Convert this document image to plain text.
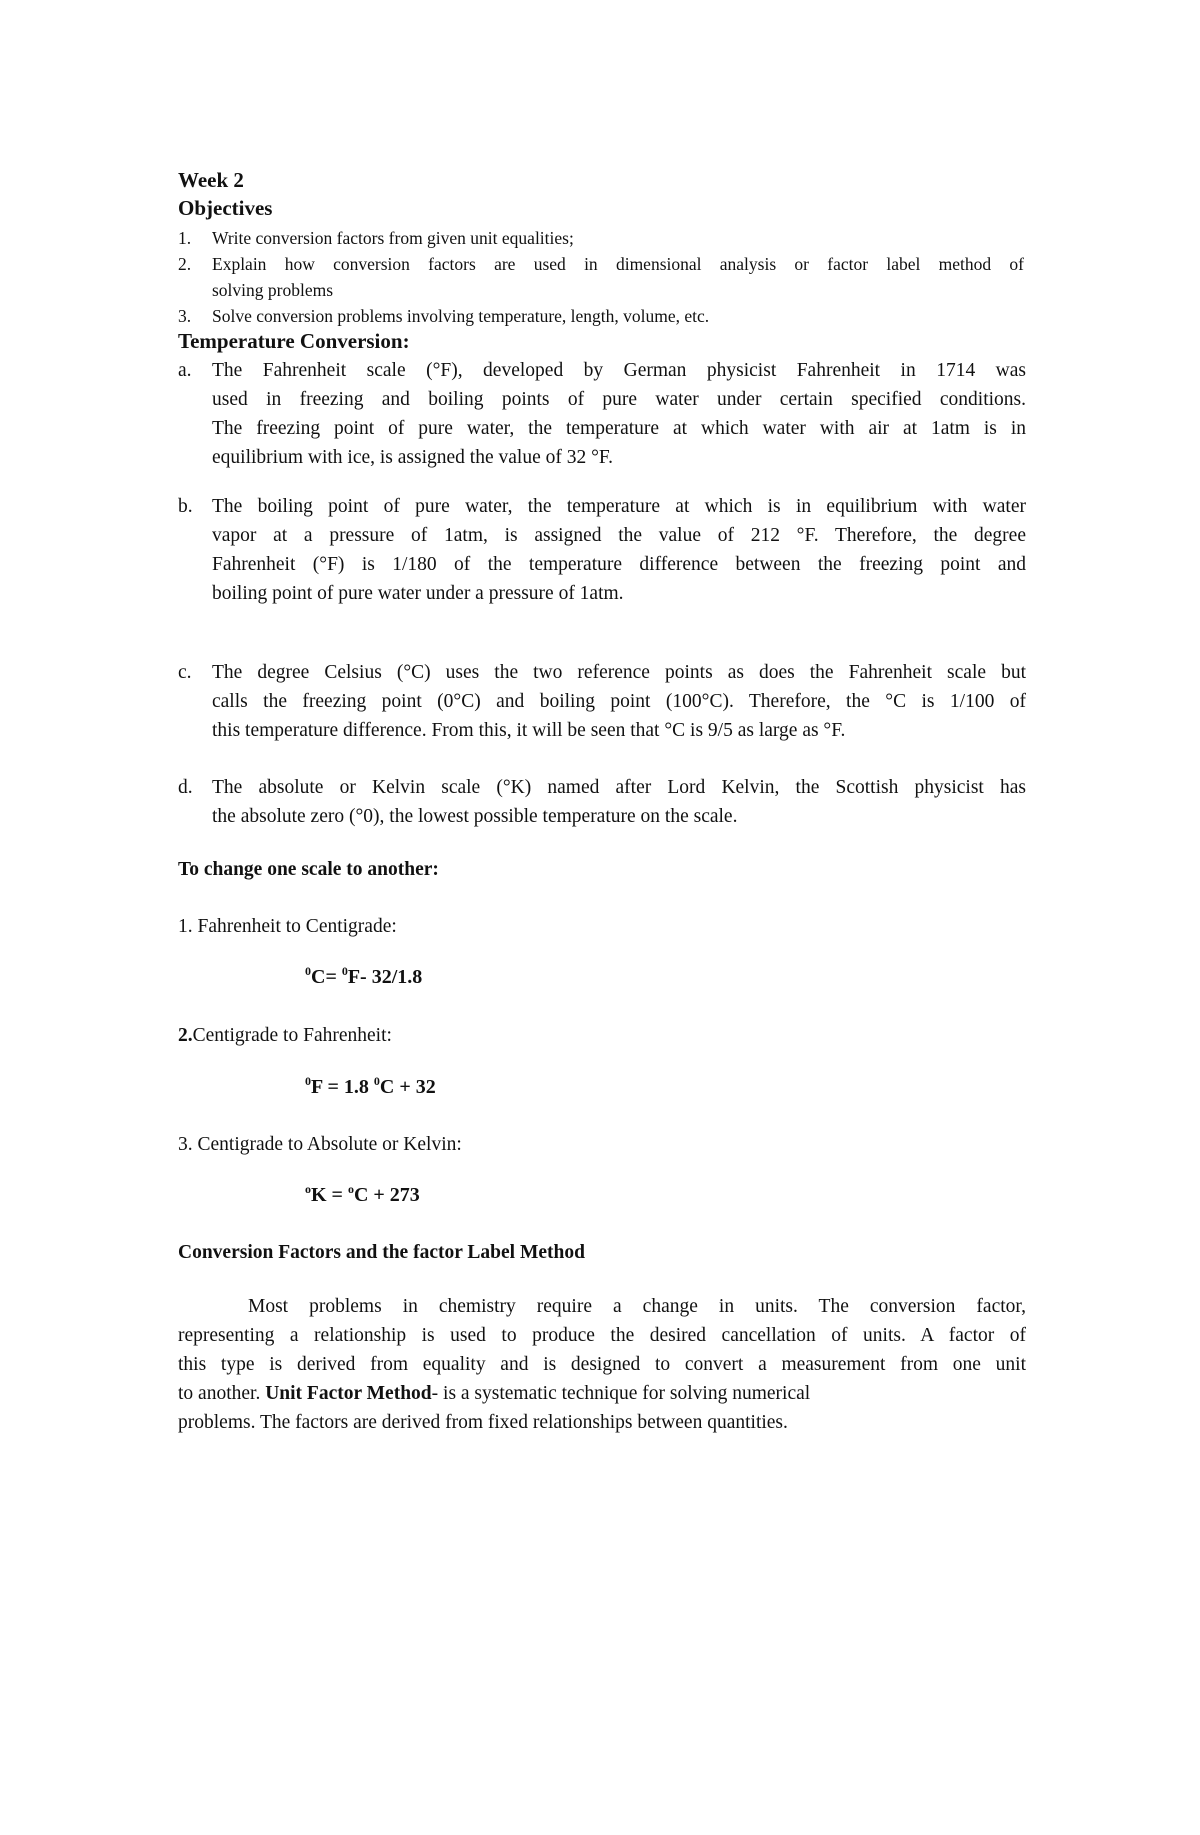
Week 2
Objectives
1. Write conversion factors from given unit equalities;
2. Explain how conversion factors are used in dimensional analysis or factor label method of
solving problems
3. Solve conversion problems involving temperature, length, volume, etc.
Temperature Conversion:
a. The Fahrenheit scale (°F), developed by German physicist Fahrenheit in 1714 was
used in freezing and boiling points of pure water under certain specified conditions.
The freezing point of pure water, the temperature at which water with air at 1atm is in
equilibrium with ice, is assigned the value of 32 °F.
b. The boiling point of pure water, the temperature at which is in equilibrium with water
vapor at a pressure of 1atm, is assigned the value of 212 °F. Therefore, the degree
Fahrenheit (°F) is 1/180 of the temperature difference between the freezing point and
boiling point of pure water under a pressure of 1atm.
c. The degree Celsius (°C) uses the two reference points as does the Fahrenheit scale but
calls the freezing point (0°C) and boiling point (100°C). Therefore, the °C is 1/100 of
this temperature difference. From this, it will be seen that °C is 9/5 as large as °F.
d. The absolute or Kelvin scale (°K) named after Lord Kelvin, the Scottish physicist has
the absolute zero (°0), the lowest possible temperature on the scale.
To change one scale to another:
1. Fahrenheit to Centigrade:
$^0$C= $^0$F- 32/1.8
2.Centigrade to Fahrenheit:
$^0$F = 1.8 $^0$C + 32
3. Centigrade to Absolute or Kelvin:
$^o$K = $^o$C + 273
Conversion Factors and the factor Label Method
Most problems in chemistry require a change in units. The conversion factor,
representing a relationship is used to produce the desired cancellation of units. A factor of
this type is derived from equality and is designed to convert a measurement from one unit
to another. Unit Factor Method- is a systematic technique for solving numerical
problems. The factors are derived from fixed relationships between quantities.
